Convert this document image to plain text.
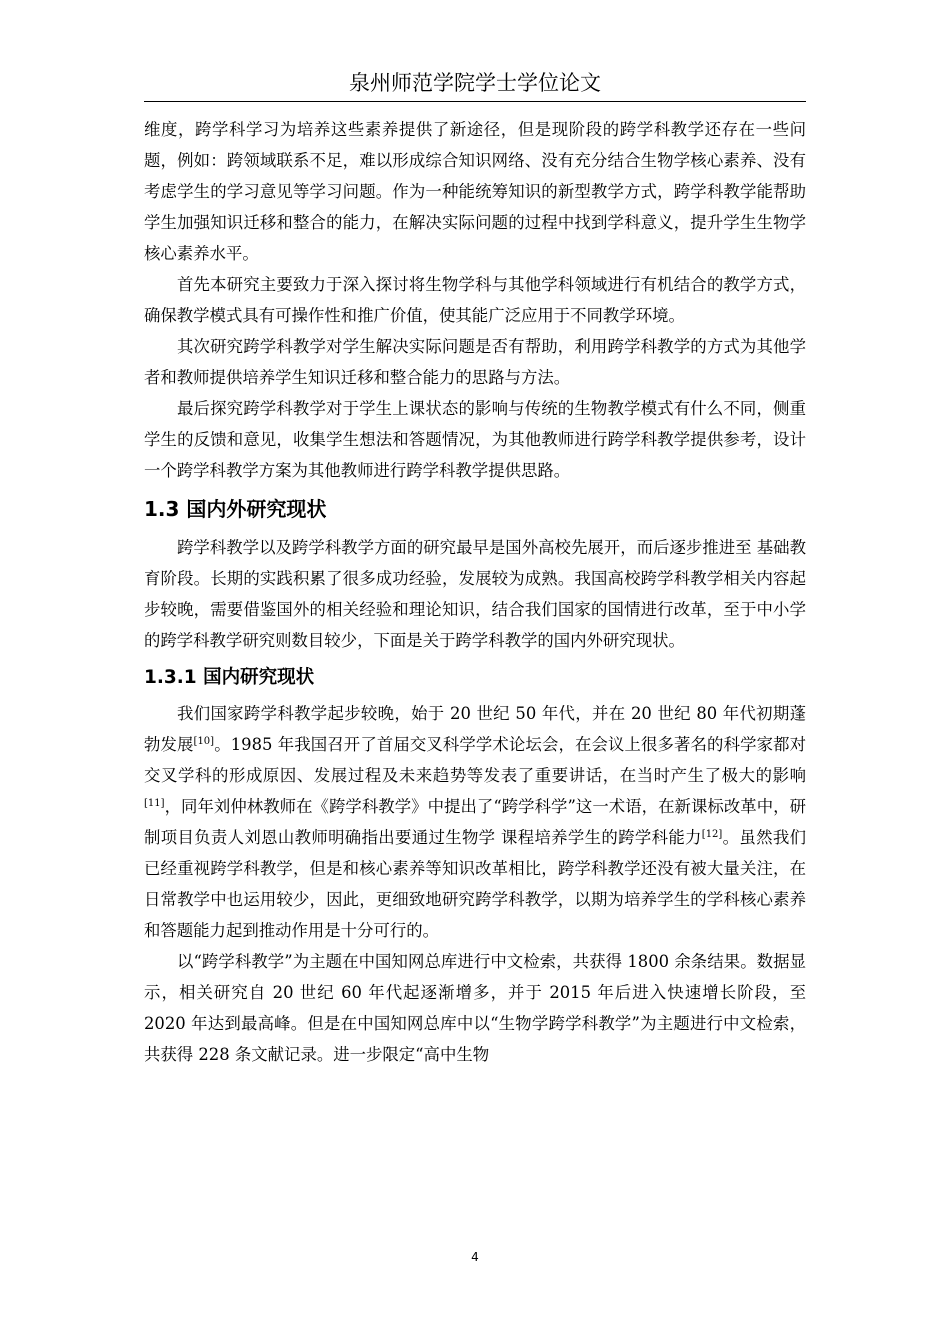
泉州师范学院学士学位论文

维度，跨学科学习为培养这些素养提供了新途径，但是现阶段的跨学科教学还存在一些问题，例如：跨领域联系不足，难以形成综合知识网络、没有充分结合生物学核心素养、没有考虑学生的学习意见等学习问题。作为一种能统筹知识的新型教学方式，跨学科教学能帮助学生加强知识迁移和整合的能力，在解决实际问题的过程中找到学科意义，提升学生生物学核心素养水平。

首先本研究主要致力于深入探讨将生物学科与其他学科领域进行有机结合的教学方式，确保教学模式具有可操作性和推广价值，使其能广泛应用于不同教学环境。

其次研究跨学科教学对学生解决实际问题是否有帮助，利用跨学科教学的方式为其他学者和教师提供培养学生知识迁移和整合能力的思路与方法。

最后探究跨学科教学对于学生上课状态的影响与传统的生物教学模式有什么不同，侧重学生的反馈和意见，收集学生想法和答题情况，为其他教师进行跨学科教学提供参考，设计一个跨学科教学方案为其他教师进行跨学科教学提供思路。

1.3 国内外研究现状

跨学科教学以及跨学科教学方面的研究最早是国外高校先展开，而后逐步推进至 基础教育阶段。长期的实践积累了很多成功经验，发展较为成熟。我国高校跨学科教学相关内容起步较晚，需要借鉴国外的相关经验和理论知识，结合我们国家的国情进行改革，至于中小学的跨学科教学研究则数目较少，下面是关于跨学科教学的国内外研究现状。

1.3.1 国内研究现状

我们国家跨学科教学起步较晚，始于 20 世纪 50 年代，并在 20 世纪 80 年代初期蓬勃发展[10]。1985 年我国召开了首届交叉科学学术论坛会，在会议上很多著名的科学家都对交叉学科的形成原因、发展过程及未来趋势等发表了重要讲话，在当时产生了极大的影响[11]，同年刘仲林教师在《跨学科教学》中提出了“跨学科学”这一术语，在新课标改革中，研制项目负责人刘恩山教师明确指出要通过生物学 课程培养学生的跨学科能力[12]。虽然我们已经重视跨学科教学，但是和核心素养等知识改革相比，跨学科教学还没有被大量关注，在日常教学中也运用较少，因此，更细致地研究跨学科教学，以期为培养学生的学科核心素养和答题能力起到推动作用是十分可行的。

以“跨学科教学”为主题在中国知网总库进行中文检索，共获得 1800 余条结果。数据显示，相关研究自 20 世纪 60 年代起逐渐增多，并于 2015 年后进入快速增长阶段，至 2020 年达到最高峰。但是在中国知网总库中以“生物学跨学科教学”为主题进行中文检索，共获得 228 条文献记录。进一步限定“高中生物

4
